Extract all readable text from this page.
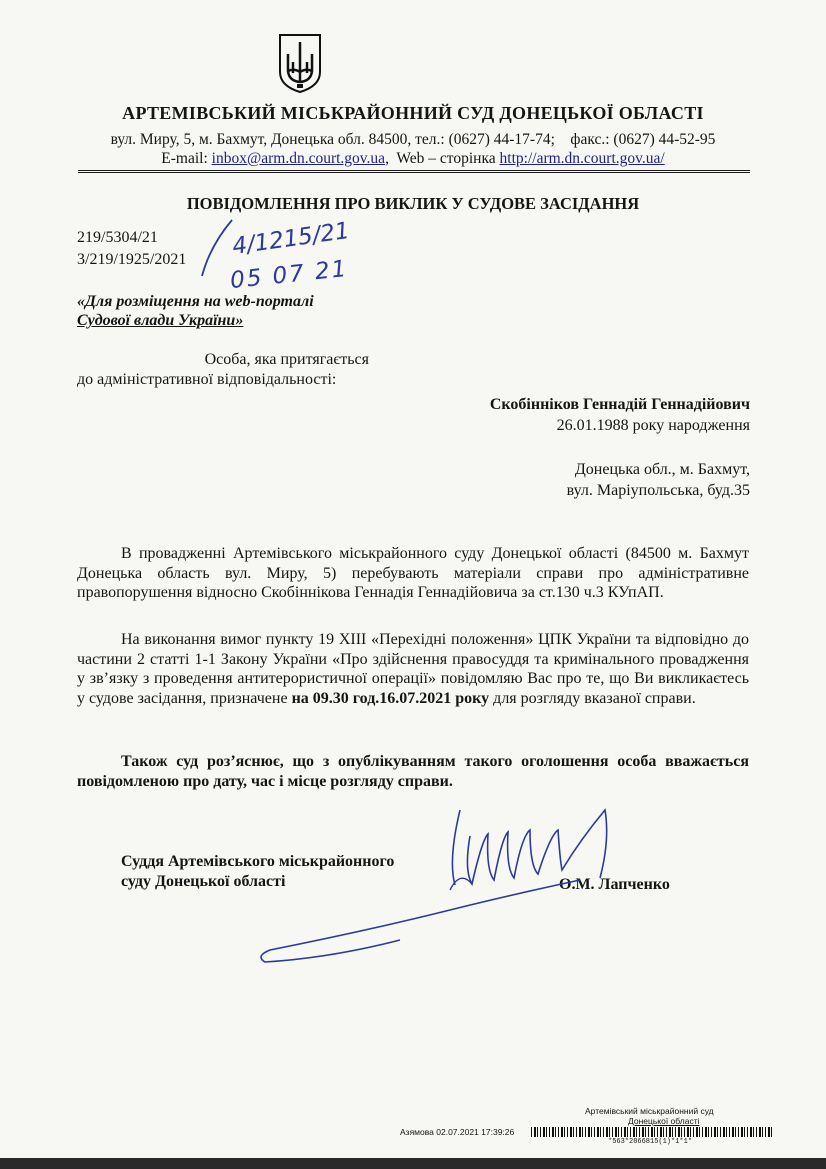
АРТЕМІВСЬКИЙ МІСЬКРАЙОННИЙ СУД ДОНЕЦЬКОЇ ОБЛАСТІ
вул. Миру, 5, м. Бахмут, Донецька обл. 84500, тел.: (0627) 44-17-74;    факс.: (0627) 44-52-95
E-mail: inbox@arm.dn.court.gov.ua,  Web – сторінка http://arm.dn.court.gov.ua/
ПОВІДОМЛЕННЯ ПРО ВИКЛИК У СУДОВЕ ЗАСІДАННЯ
219/5304/21
3/219/1925/2021 4/1215/21
05 07 21
«Для розміщення на web-порталі
Судової влади України»
Особа, яка притягається
до адміністративної відповідальності:
Скобінніков Геннадій Геннадійович
26.01.1988 року народження
Донецька обл., м. Бахмут,
вул. Маріупольська, буд.35
В провадженні Артемівського міськрайонного суду Донецької області (84500 м. Бахмут Донецька область вул. Миру, 5) перебувають матеріали справи про адміністративне правопорушення відносно Скобіннікова Геннадія Геннадійовича за ст.130 ч.3 КУпАП.
На виконання вимог пункту 19 XIII «Перехідні положення» ЦПК України та відповідно до частини 2 статті 1-1 Закону України «Про здійснення правосуддя та кримінального провадження у зв’язку з проведення антитерористичної операції» повідомляю Вас про те, що Ви викликаєтесь у судове засідання, призначене на 09.30 год.16.07.2021 року для розгляду вказаної справи.
Також суд роз’яснює, що з опублікуванням такого оголошення особа вважається повідомленою про дату, час і місце розгляду справи.
Суддя Артемівського міськрайонного
суду Донецької області	О.М. Лапченко
Артемівський міськрайонний суд
Донецької області
Азямова 02.07.2021 17:39:26
*563*2866815(1)*1*1*
